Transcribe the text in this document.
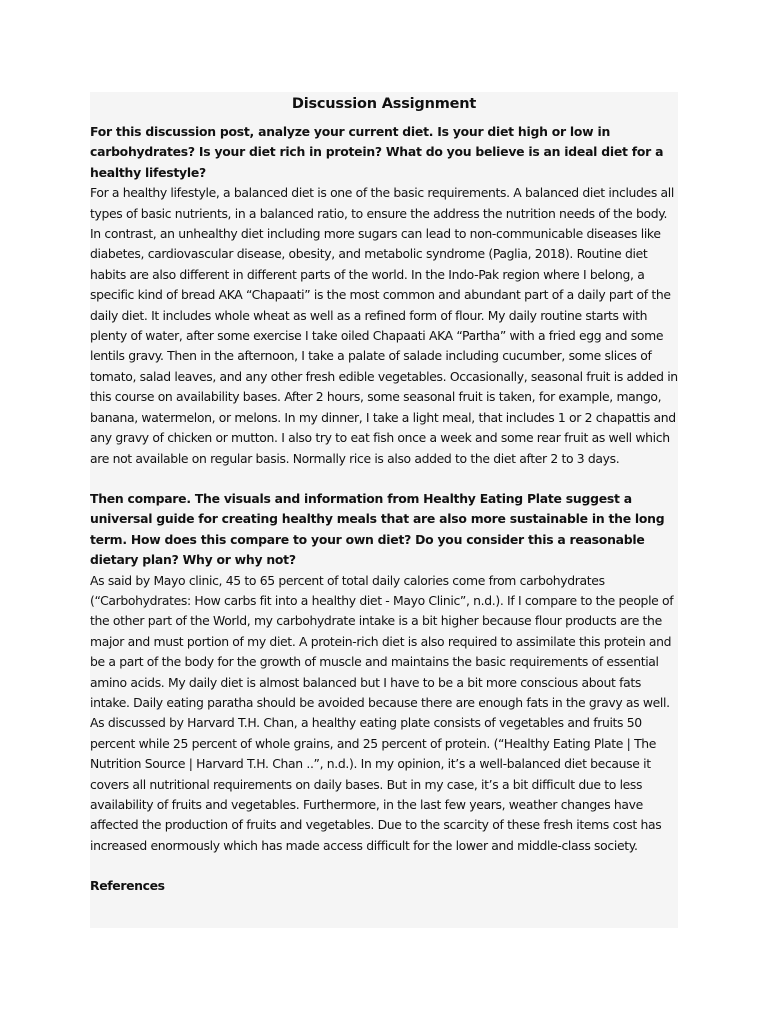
Discussion Assignment

For this discussion post, analyze your current diet. Is your diet high or low in carbohydrates? Is your diet rich in protein? What do you believe is an ideal diet for a healthy lifestyle?

For a healthy lifestyle, a balanced diet is one of the basic requirements. A balanced diet includes all types of basic nutrients, in a balanced ratio, to ensure the address the nutrition needs of the body. In contrast, an unhealthy diet including more sugars can lead to non-communicable diseases like diabetes, cardiovascular disease, obesity, and metabolic syndrome (Paglia, 2018). Routine diet habits are also different in different parts of the world. In the Indo-Pak region where I belong, a specific kind of bread AKA “Chapaati” is the most common and abundant part of a daily part of the daily diet. It includes whole wheat as well as a refined form of flour. My daily routine starts with plenty of water, after some exercise I take oiled Chapaati AKA “Partha” with a fried egg and some lentils gravy. Then in the afternoon, I take a palate of salade including cucumber, some slices of tomato, salad leaves, and any other fresh edible vegetables. Occasionally, seasonal fruit is added in this course on availability bases. After 2 hours, some seasonal fruit is taken, for example, mango, banana, watermelon, or melons. In my dinner, I take a light meal, that includes 1 or 2 chapattis and any gravy of chicken or mutton. I also try to eat fish once a week and some rear fruit as well which are not available on regular basis. Normally rice is also added to the diet after 2 to 3 days.

Then compare. The visuals and information from Healthy Eating Plate suggest a universal guide for creating healthy meals that are also more sustainable in the long term. How does this compare to your own diet? Do you consider this a reasonable dietary plan? Why or why not?

As said by Mayo clinic, 45 to 65 percent of total daily calories come from carbohydrates (“Carbohydrates: How carbs fit into a healthy diet - Mayo Clinic”, n.d.). If I compare to the people of the other part of the World, my carbohydrate intake is a bit higher because flour products are the major and must portion of my diet. A protein-rich diet is also required to assimilate this protein and be a part of the body for the growth of muscle and maintains the basic requirements of essential amino acids. My daily diet is almost balanced but I have to be a bit more conscious about fats intake. Daily eating paratha should be avoided because there are enough fats in the gravy as well. As discussed by Harvard T.H. Chan, a healthy eating plate consists of vegetables and fruits 50 percent while 25 percent of whole grains, and 25 percent of protein. (“Healthy Eating Plate | The Nutrition Source | Harvard T.H. Chan ..”, n.d.). In my opinion, it’s a well-balanced diet because it covers all nutritional requirements on daily bases. But in my case, it’s a bit difficult due to less availability of fruits and vegetables. Furthermore, in the last few years, weather changes have affected the production of fruits and vegetables. Due to the scarcity of these fresh items cost has increased enormously which has made access difficult for the lower and middle-class society.

References
